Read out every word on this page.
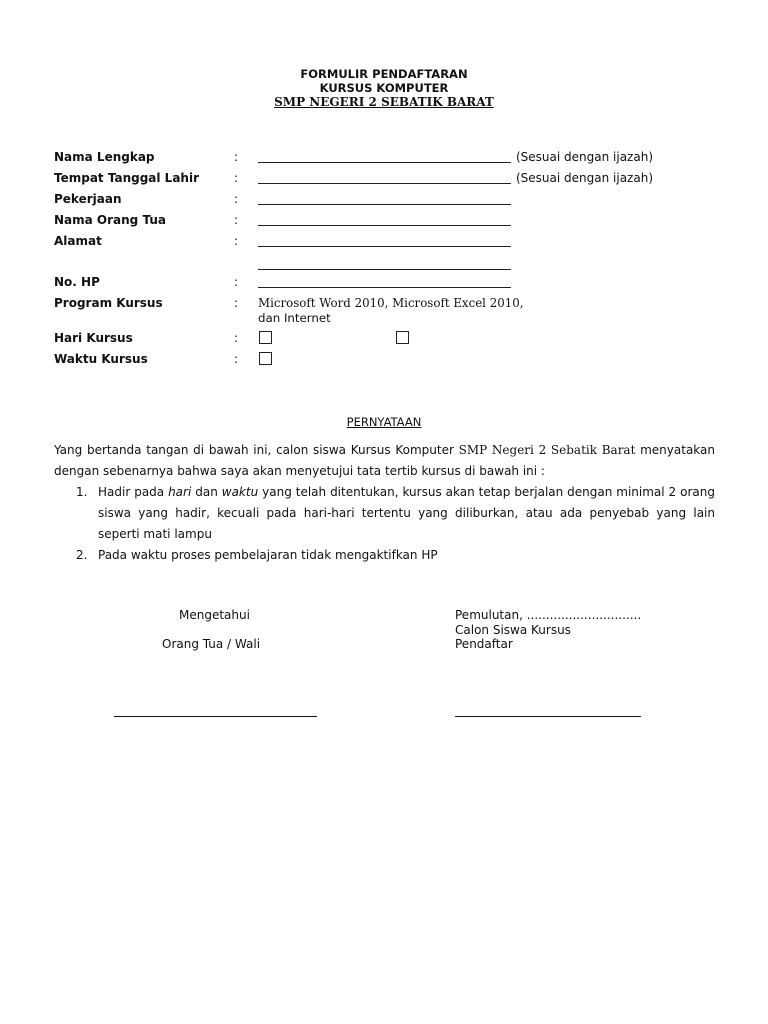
FORMULIR PENDAFTARAN
KURSUS KOMPUTER
SMP NEGERI 2 SEBATIK BARAT
Nama Lengkap	:	(Sesuai dengan ijazah)
Tempat Tanggal Lahir	:	(Sesuai dengan ijazah)
Pekerjaan	:
Nama Orang Tua	:
Alamat	:
No. HP	:
Program Kursus	: Microsoft Word 2010, Microsoft Excel 2010,
dan Internet
Hari Kursus	:
Waktu Kursus	:
PERNYATAAN
Yang bertanda tangan di bawah ini, calon siswa Kursus Komputer SMP Negeri 2 Sebatik Barat menyatakan dengan sebenarnya bahwa saya akan menyetujui tata tertib kursus di bawah ini :
1. Hadir pada hari dan waktu yang telah ditentukan, kursus akan tetap berjalan dengan minimal 2 orang siswa yang hadir, kecuali pada hari-hari tertentu yang diliburkan, atau ada penyebab yang lain seperti mati lampu
2. Pada waktu proses pembelajaran tidak mengaktifkan HP
Mengetahui
Orang Tua / Wali
Pemulutan, ..............................
Calon Siswa Kursus
Pendaftar
